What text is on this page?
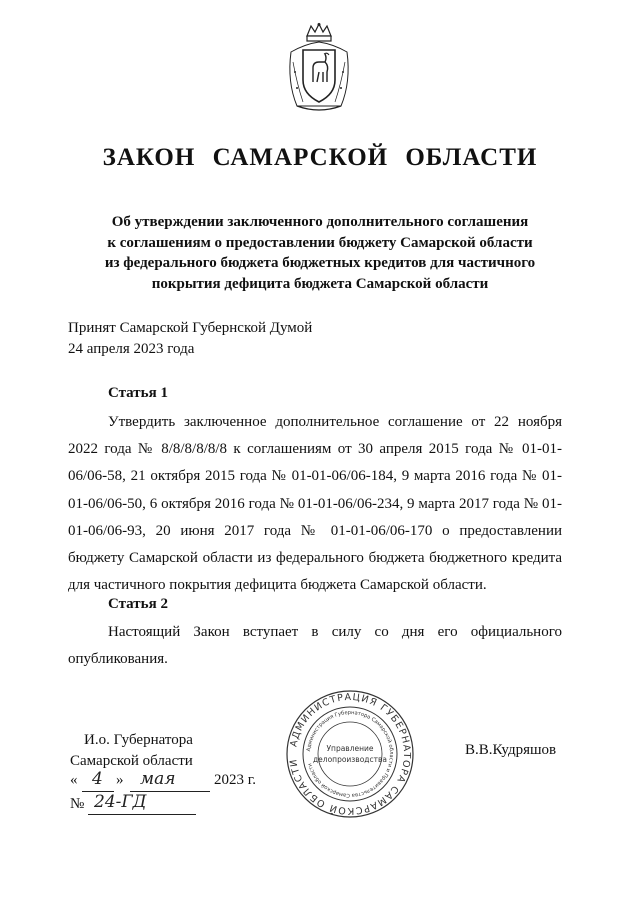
ЗАКОН САМАРСКОЙ ОБЛАСТИ
Об утверждении заключенного дополнительного соглашения
к соглашениям о предоставлении бюджету Самарской области
из федерального бюджета бюджетных кредитов для частичного
покрытия дефицита бюджета Самарской области
Принят Самарской Губернской Думой
24 апреля 2023 года
Статья 1
Утвердить заключенное дополнительное соглашение от 22 ноября 2022 года № 8/8/8/8/8/8 к соглашениям от 30 апреля 2015 года № 01-01-06/06-58, 21 октября 2015 года № 01-01-06/06-184, 9 марта 2016 года № 01-01-06/06-50, 6 октября 2016 года № 01-01-06/06-234, 9 марта 2017 года № 01-01-06/06-93, 20 июня 2017 года № 01-01-06/06-170 о предоставлении бюджету Самарской области из федерального бюджета бюджетного кредита для частичного покрытия дефицита бюджета Самарской области.
Статья 2
Настоящий Закон вступает в силу со дня его официального опубликования.
И.о. Губернатора
Самарской области
В.В.Кудряшов
« 4 » мая	2023 г.
№ 24-ГД
АДМИНИСТРАЦИЯ ГУБЕРНАТОРА САМАРСКОЙ ОБЛАСТИ
Администрация Губернатора Самарской области и Правительства Самарской области
Управление
делопроизводства
